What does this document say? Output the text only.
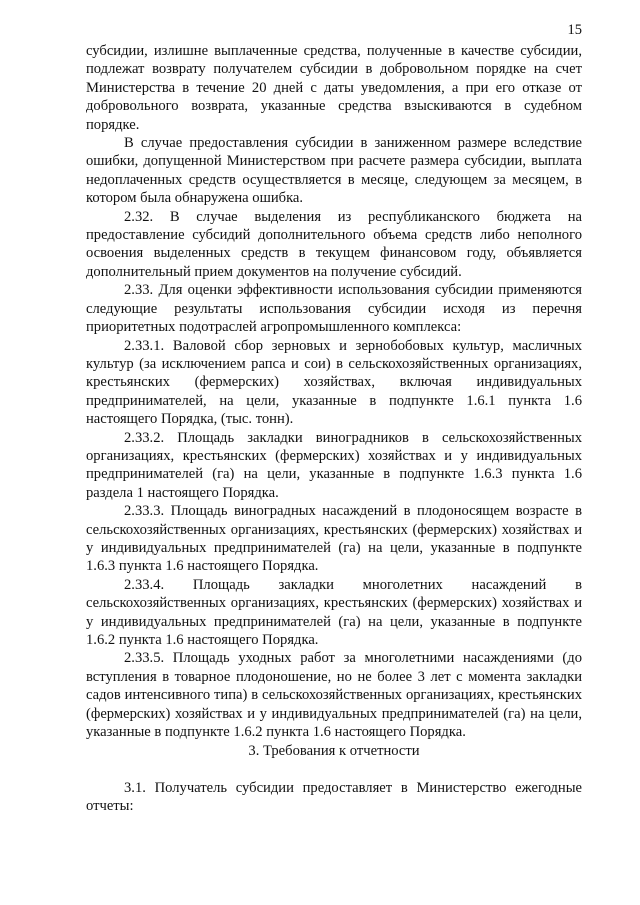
15

субсидии, излишне выплаченные средства, полученные в качестве субсидии, подлежат возврату получателем субсидии в добровольном порядке на счет Министерства в течение 20 дней с даты уведомления, а при его отказе от добровольного возврата, указанные средства взыскиваются в судебном порядке.

В случае предоставления субсидии в заниженном размере вследствие ошибки, допущенной Министерством при расчете размера субсидии, выплата недоплаченных средств осуществляется в месяце, следующем за месяцем, в котором была обнаружена ошибка.

2.32. В случае выделения из республиканского бюджета на предоставление субсидий дополнительного объема средств либо неполного освоения выделенных средств в текущем финансовом году, объявляется дополнительный прием документов на получение субсидий.

2.33. Для оценки эффективности использования субсидии применяются следующие результаты использования субсидии исходя из перечня приоритетных подотраслей агропромышленного комплекса:

2.33.1. Валовой сбор зерновых и зернобобовых культур, масличных культур (за исключением рапса и сои) в сельскохозяйственных организациях, крестьянских (фермерских) хозяйствах, включая индивидуальных предпринимателей, на цели, указанные в подпункте 1.6.1 пункта 1.6 настоящего Порядка, (тыс. тонн).

2.33.2. Площадь закладки виноградников в сельскохозяйственных организациях, крестьянских (фермерских) хозяйствах и у индивидуальных предпринимателей (га) на цели, указанные в подпункте 1.6.3 пункта 1.6 раздела 1 настоящего Порядка.

2.33.3. Площадь виноградных насаждений в плодоносящем возрасте в сельскохозяйственных организациях, крестьянских (фермерских) хозяйствах и у индивидуальных предпринимателей (га) на цели, указанные в подпункте 1.6.3 пункта 1.6 настоящего Порядка.

2.33.4. Площадь закладки многолетних насаждений в сельскохозяйственных организациях, крестьянских (фермерских) хозяйствах и у индивидуальных предпринимателей (га) на цели, указанные в подпункте 1.6.2 пункта 1.6 настоящего Порядка.

2.33.5. Площадь уходных работ за многолетними насаждениями (до вступления в товарное плодоношение, но не более 3 лет с момента закладки садов интенсивного типа) в сельскохозяйственных организациях, крестьянских (фермерских) хозяйствах и у индивидуальных предпринимателей (га) на цели, указанные в подпункте 1.6.2 пункта 1.6 настоящего Порядка.

3. Требования к отчетности

3.1. Получатель субсидии предоставляет в Министерство ежегодные отчеты:
